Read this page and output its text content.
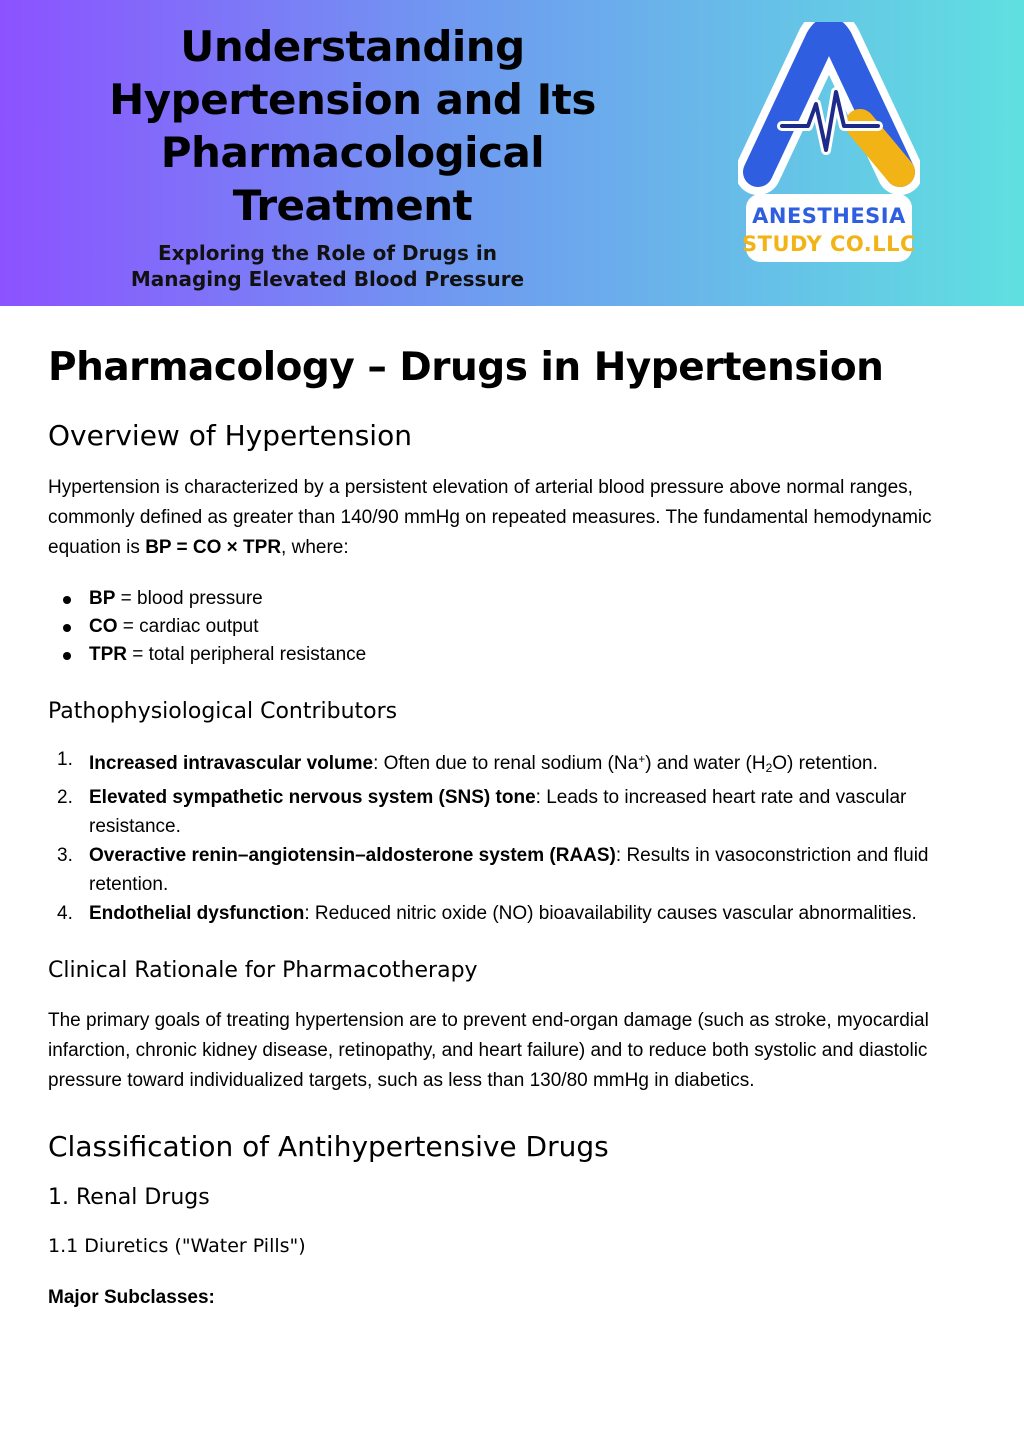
Understanding
Hypertension and Its
Pharmacological
Treatment
Exploring the Role of Drugs in
Managing Elevated Blood Pressure
ANESTHESIA
STUDY CO.LLC
Pharmacology – Drugs in Hypertension
Overview of Hypertension

Hypertension is characterized by a persistent elevation of arterial blood pressure above normal ranges, commonly defined as greater than 140/90 mmHg on repeated measures. The fundamental hemodynamic equation is BP = CO × TPR, where:

BP = blood pressure
CO = cardiac output
TPR = total peripheral resistance
Pathophysiological Contributors
1. Increased intravascular volume: Often due to renal sodium (Na+) and water $(H_2O)$ retention.
2. Elevated sympathetic nervous system (SNS) tone: Leads to increased heart rate and vascular resistance.
3. Overactive renin–angiotensin–aldosterone system (RAAS): Results in vasoconstriction and fluid retention.
4. Endothelial dysfunction: Reduced nitric oxide (NO) bioavailability causes vascular abnormalities.
Clinical Rationale for Pharmacotherapy

The primary goals of treating hypertension are to prevent end-organ damage (such as stroke, myocardial infarction, chronic kidney disease, retinopathy, and heart failure) and to reduce both systolic and diastolic pressure toward individualized targets, such as less than 130/80 mmHg in diabetics.

Classification of Antihypertensive Drugs
1. Renal Drugs
1.1 Diuretics ("Water Pills")

Major Subclasses:
